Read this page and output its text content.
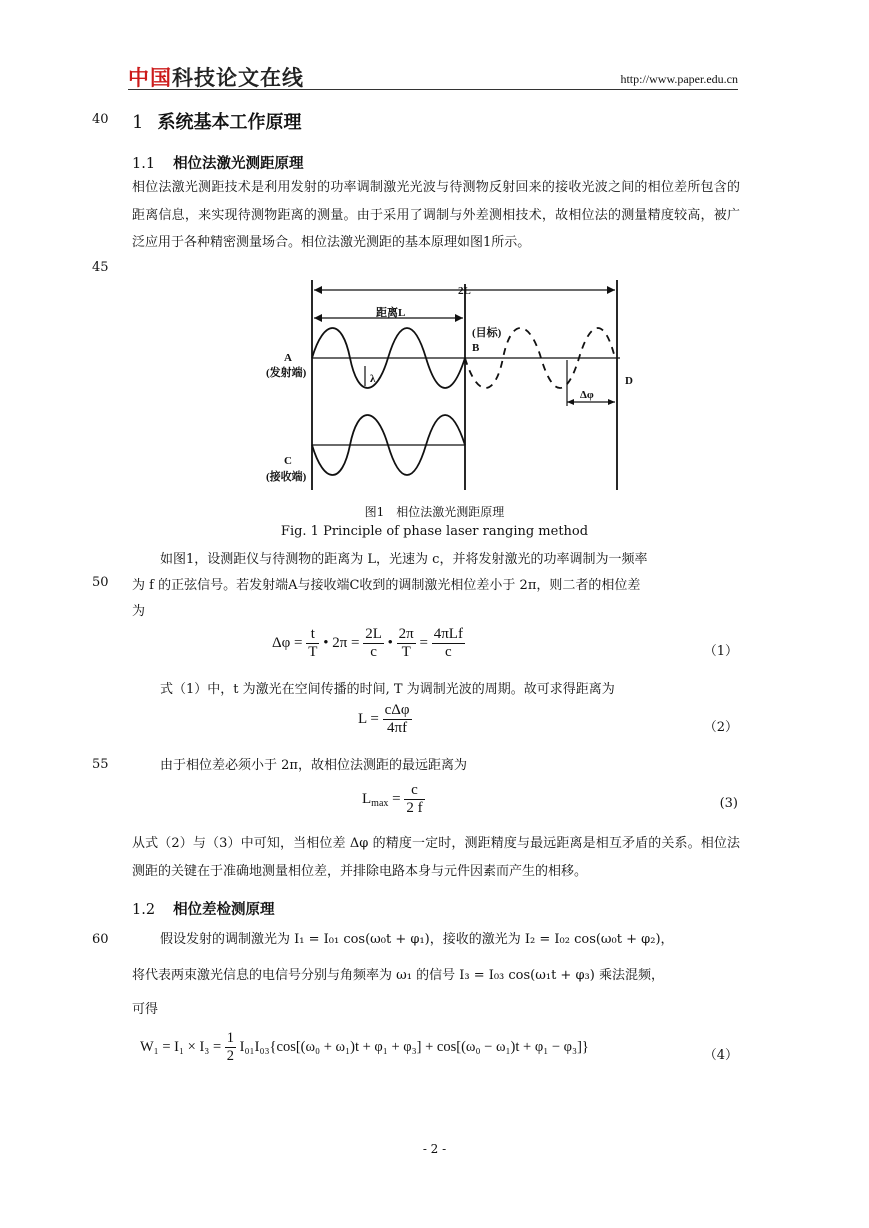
中国科技论文在线	http://www.paper.edu.cn
40
45
50
55
60
1 系统基本工作原理
1.1 相位法激光测距原理
相位法激光测距技术是利用发射的功率调制激光光波与待测物反射回来的接收光波之间的相位差所包含的距离信息，来实现待测物距离的测量。由于采用了调制与外差测相技术，故相位法的测量精度较高，被广泛应用于各种精密测量场合。相位法激光测距的基本原理如图1所示。
2L
距离L
(目标)
B
A
(发射端)
C
(接收端)
D
λ
Δφ
图1　相位法激光测距原理
Fig. 1 Principle of phase laser ranging method
如图1，设测距仪与待测物的距离为 L，光速为 c，并将发射激光的功率调制为一频率
为 f 的正弦信号。若发射端A与接收端C收到的调制激光相位差小于 2π，则二者的相位差
为
$\Delta\varphi = \frac{t}{T}$ • $2\pi = \frac{2L}{c}$ • $\frac{2\pi}{T} = \frac{\text{4πLf}}{c}$	（1）
式（1）中，t 为激光在空间传播的时间, T 为调制光波的周期。故可求得距离为
$L = \frac{\text{cΔφ}}{4\pi f}$	（2）
由于相位差必须小于 2π，故相位法测距的最远距离为
$L_{max} = \frac{c}{2 f}$	(3)
从式（2）与（3）中可知，当相位差 Δφ 的精度一定时，测距精度与最远距离是相互矛盾的关系。相位法测距的关键在于准确地测量相位差，并排除电路本身与元件因素而产生的相移。
1.2 相位差检测原理
假设发射的调制激光为 I₁ = I₀₁ cos(ω₀t + φ₁)，接收的激光为 I₂ = I₀₂ cos(ω₀t + φ₂)，
将代表两束激光信息的电信号分别与角频率为 ω₁ 的信号 I₃ = I₀₃ cos(ω₁t + φ₃) 乘法混频，
可得
$W_1 = I_1 \times I_3 = \frac{1}{2} I_{01}I_{03}\{\cos[(\omega_0 + \omega_1)t + \varphi_1 + \varphi_3] + \cos[(\omega_0 - \omega_1)t + \varphi_1 - \varphi_3]\}$
（4）
- 2 -
